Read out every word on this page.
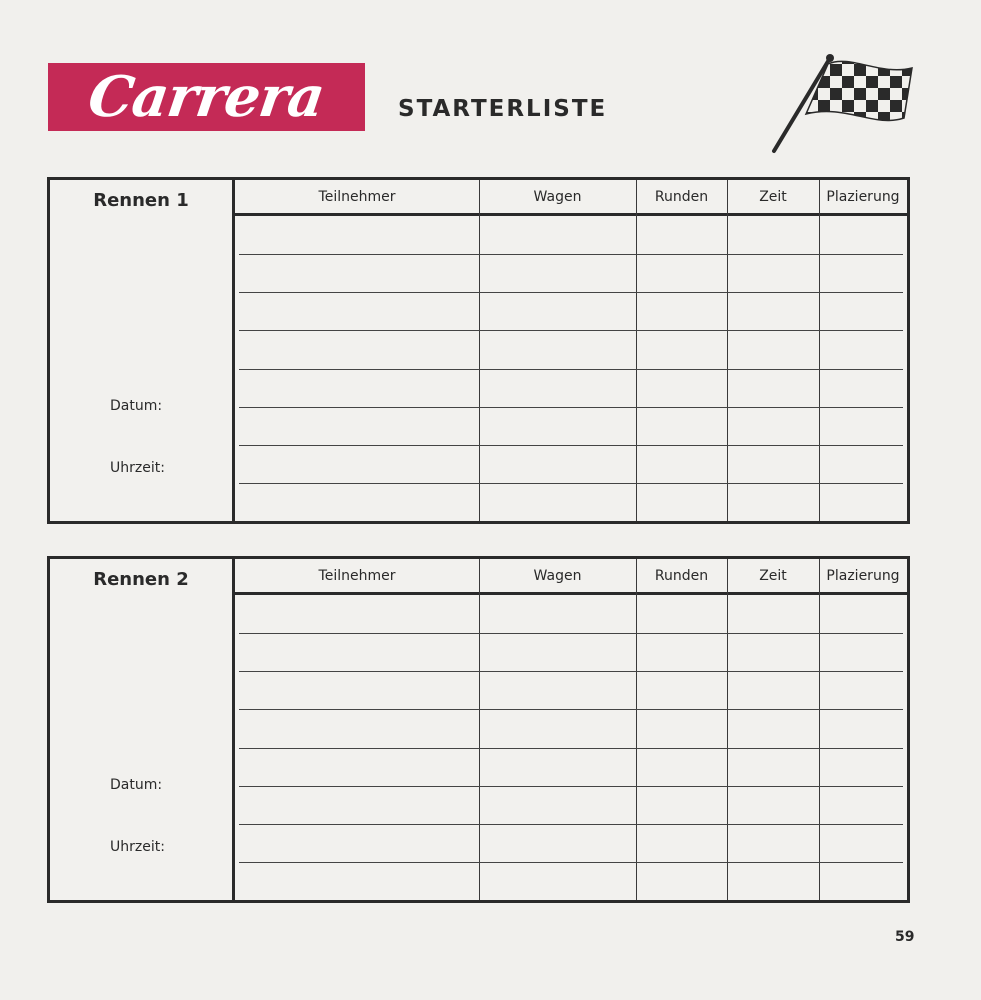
Carrera	STARTERLISTE
Rennen 1
Datum:
Uhrzeit:
Teilnehmer	Wagen	Runden	Zeit	Plazierung
Rennen 2
Datum:
Uhrzeit:
Teilnehmer	Wagen	Runden	Zeit	Plazierung
59
